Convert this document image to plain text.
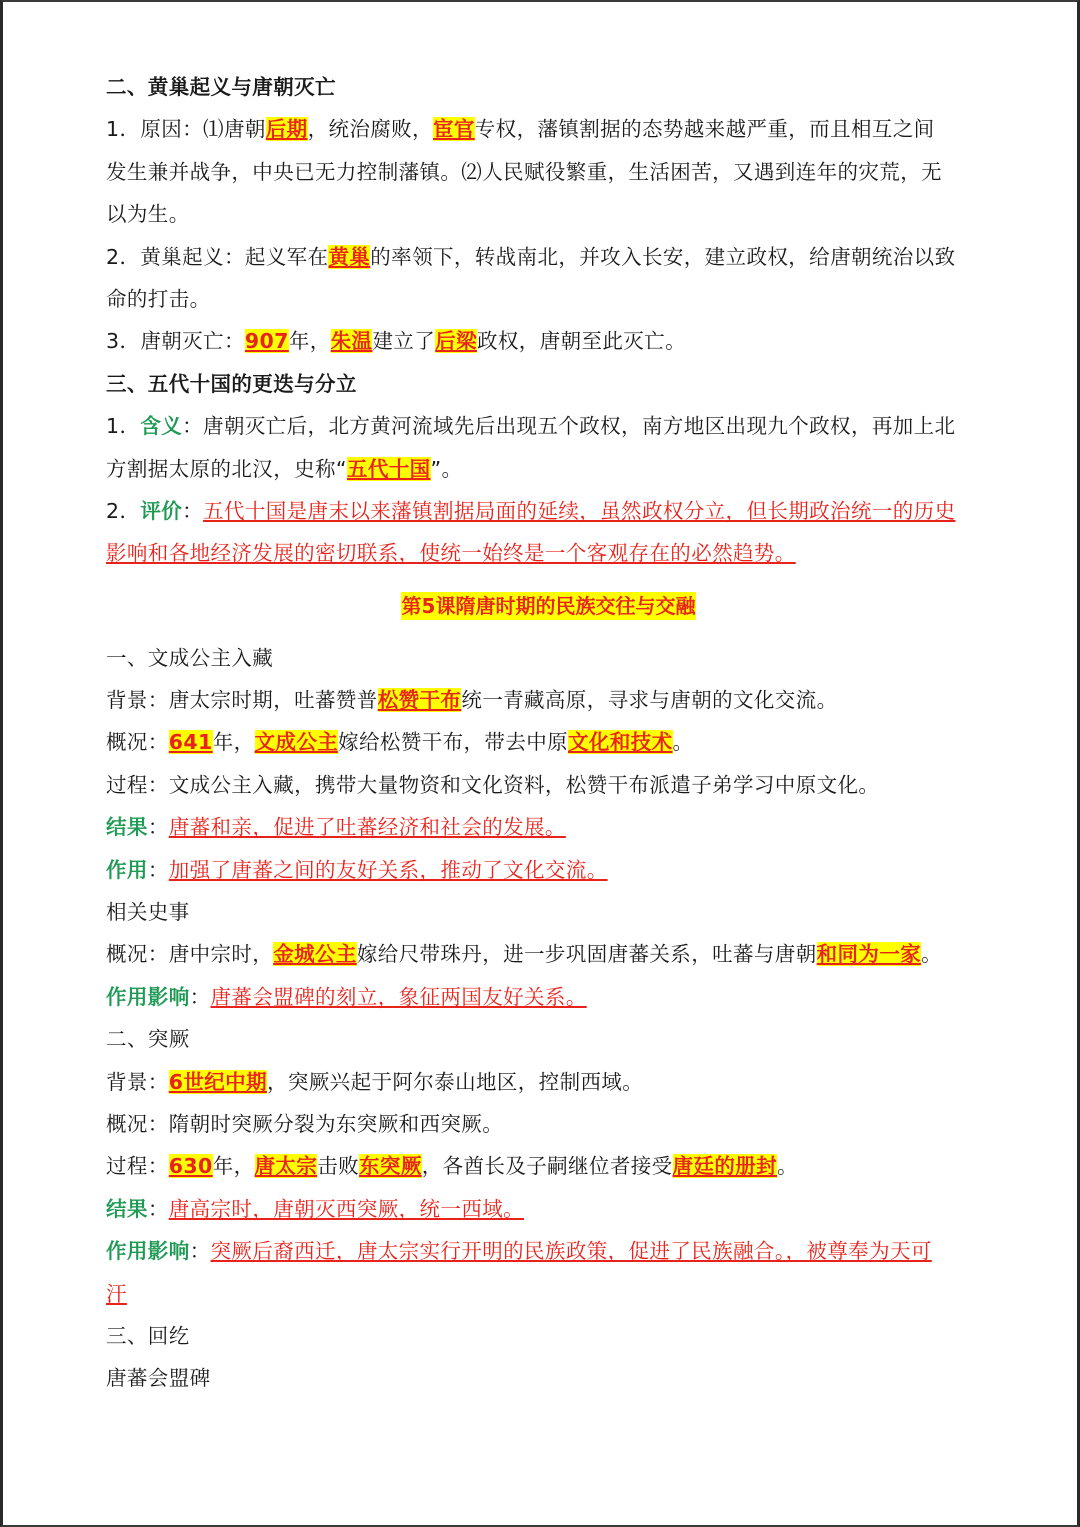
二、黄巢起义与唐朝灭亡
1．原因：⑴唐朝后期，统治腐败，宦官专权，藩镇割据的态势越来越严重，而且相互之间
发生兼并战争，中央已无力控制藩镇。⑵人民赋役繁重，生活困苦，又遇到连年的灾荒，无
以为生。
2．黄巢起义：起义军在黄巢的率领下，转战南北，并攻入长安，建立政权，给唐朝统治以致
命的打击。
3．唐朝灭亡：907年，朱温建立了后梁政权，唐朝至此灭亡。
三、五代十国的更迭与分立
1．含义：唐朝灭亡后，北方黄河流域先后出现五个政权，南方地区出现九个政权，再加上北
方割据太原的北汉，史称“五代十国”。
2．评价：五代十国是唐末以来藩镇割据局面的延续，虽然政权分立，但长期政治统一的历史
影响和各地经济发展的密切联系，使统一始终是一个客观存在的必然趋势。
第5课隋唐时期的民族交往与交融
一、文成公主入藏
背景：唐太宗时期，吐蕃赞普松赞干布统一青藏高原，寻求与唐朝的文化交流。
概况：641年，文成公主嫁给松赞干布，带去中原文化和技术。
过程：文成公主入藏，携带大量物资和文化资料，松赞干布派遣子弟学习中原文化。
结果：唐蕃和亲，促进了吐蕃经济和社会的发展。
作用：加强了唐蕃之间的友好关系，推动了文化交流。
相关史事
概况：唐中宗时，金城公主嫁给尺带珠丹，进一步巩固唐蕃关系，吐蕃与唐朝和同为一家。
作用影响：唐蕃会盟碑的刻立，象征两国友好关系。
二、突厥
背景：6世纪中期，突厥兴起于阿尔泰山地区，控制西域。
概况：隋朝时突厥分裂为东突厥和西突厥。
过程：630年，唐太宗击败东突厥，各酋长及子嗣继位者接受唐廷的册封。
结果：唐高宗时，唐朝灭西突厥，统一西域。
作用影响：突厥后裔西迁，唐太宗实行开明的民族政策，促进了民族融合。，被尊奉为天可
汗
三、回纥
唐蕃会盟碑
